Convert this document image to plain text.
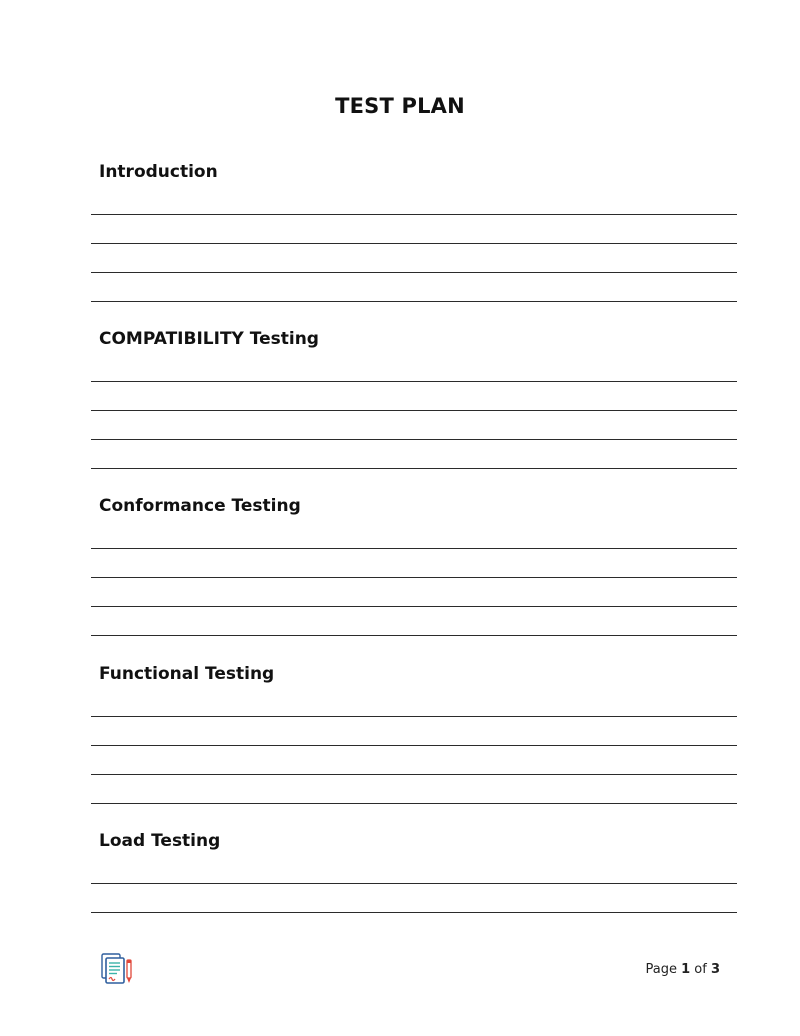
TEST PLAN
Introduction
COMPATIBILITY Testing
Conformance Testing
Functional Testing
Load Testing
Page 1 of 3
